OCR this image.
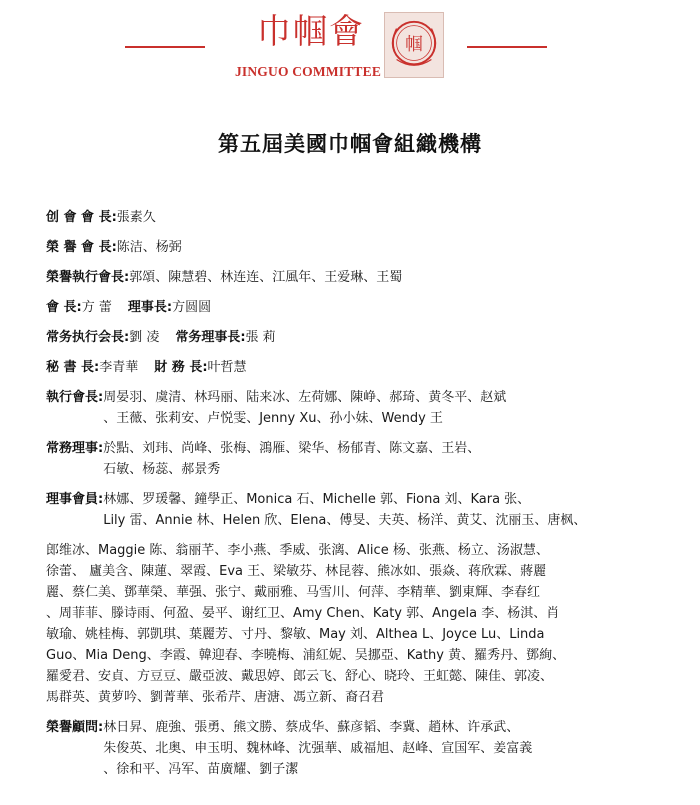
巾帼會
JINGUO COMMITTEE
帼
第五屆美國巾帼會組織機構
创 會 會 長: 張素久
榮 譽 會 長: 陈洁、杨弼
榮譽執行會長: 郭頌、陳慧碧、林连连、江風年、王爱琳、王蜀
會 長: 方 蕾 理事長: 方圆圆
常务执行会長: 劉 凌 常务理事長: 張 莉
秘 書 長: 李青華 財 務 長: 叶哲慧
執行會長: 周晏羽、虞清、林玛丽、陆来冰、左荷娜、陳峥、郝琦、黄冬平、赵斌
、王薇、张莉安、卢悦雯、Jenny Xu、孙小妹、Wendy 王
常務理事: 於點、刘玮、尚峰、张梅、鴻雁、梁华、杨郁青、陈文嘉、王岩、
石敏、杨蕊、郝景秀
理事會員: 林娜、罗瑗馨、鐘學正、Monica 石、Michelle 郭、Fiona 刘、Kara 张、
Lily 雷、Annie 林、Helen 欣、Elena、傅旻、夫英、杨洋、黄艾、沈丽玉、唐枫、
郎维冰、Maggie 陈、翁丽芊、李小燕、季威、张漓、Alice 杨、张燕、杨立、汤淑慧、
徐蕾、 廬美含、陳蓮、翠霞、Eva 王、梁敏芬、林昆蓉、熊冰如、張焱、蒋欣霖、蔣麗
麗、蔡仁美、鄧華榮、華强、张宁、戴丽雅、马雪川、何萍、李精華、劉東輝、李春红
、周菲菲、滕诗雨、何盈、晏平、谢红卫、Amy Chen、Katy 郭、Angela 李、杨淇、肖
敏瑜、姚桂梅、郭凱琪、葉麗芳、寸丹、黎敏、May 刘、Althea L、Joyce Lu、Linda
Guo、Mia Deng、李霞、韓迎春、李曉梅、浦紅妮、吴挪亞、Kathy 黄、羅秀丹、鄧絢、
羅愛君、安貞、方豆豆、嚴亞波、戴思婷、郎云飞、舒心、晓玲、王虹懿、陳佳、郭凌、
馬群英、黄萝吟、劉菁華、张希芹、唐溏、馮立新、裔召君
榮譽顧問: 林日昇、鹿強、張勇、熊文勝、蔡成华、蘇彦韬、李冀、趙林、许承武、
朱俊英、北奥、申玉明、魏林峰、沈强華、戚福旭、赵峰、宣国军、姜富義
、徐和平、冯军、苗廣耀、劉子潔
